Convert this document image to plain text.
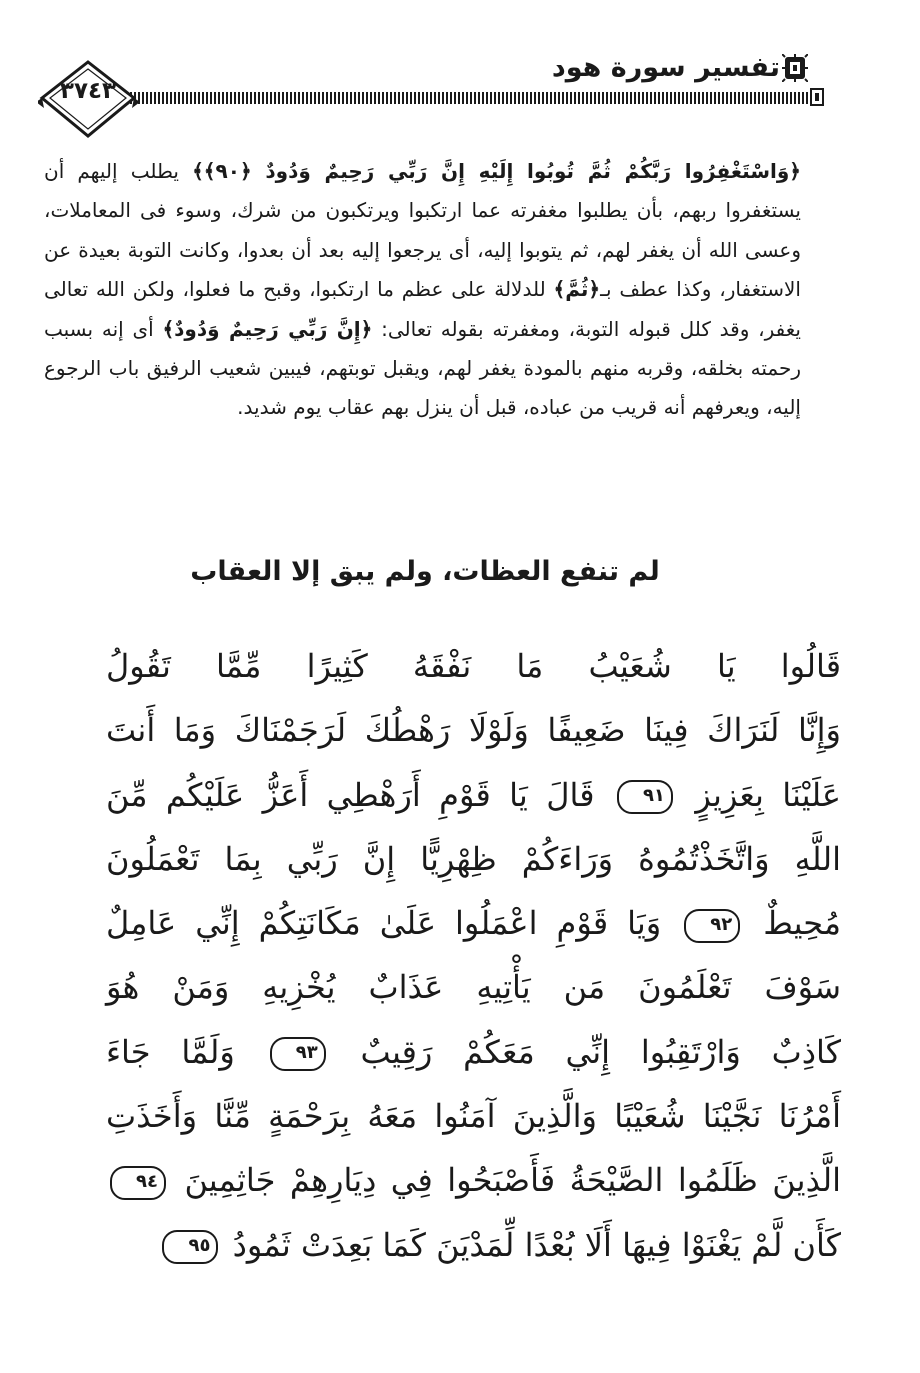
تفسير سورة هود
٣٧٤٣

﴿وَاسْتَغْفِرُوا رَبَّكُمْ ثُمَّ تُوبُوا إِلَيْهِ إِنَّ رَبِّي رَحِيمٌ وَدُودٌ ﴿٩٠﴾﴾ يطلب إليهم أن يستغفروا ربهم، بأن يطلبوا مغفرته عما ارتكبوا ويرتكبون من شرك، وسوء فى المعاملات، وعسى الله أن يغفر لهم، ثم يتوبوا إليه، أى يرجعوا إليه بعد أن بعدوا، وكانت التوبة بعيدة عن الاستغفار، وكذا عطف بـ﴿ثُمَّ﴾ للدلالة على عظم ما ارتكبوا، وقبح ما فعلوا، ولكن الله تعالى يغفر، وقد كلل قبوله التوبة، ومغفرته بقوله تعالى: ﴿إِنَّ رَبِّي رَحِيمٌ وَدُودٌ﴾ أى إنه بسبب رحمته بخلقه، وقربه منهم بالمودة يغفر لهم، ويقبل توبتهم، فيبين شعيب الرفيق باب الرجوع إليه، ويعرفهم أنه قريب من عباده، قبل أن ينزل بهم عقاب يوم شديد.

لم تنفع العظات، ولم يبق إلا العقاب
قَالُوا يَا شُعَيْبُ مَا نَفْقَهُ كَثِيرًا مِّمَّا تَقُولُ
وَإِنَّا لَنَرَاكَ فِينَا ضَعِيفًا وَلَوْلَا رَهْطُكَ لَرَجَمْنَاكَ وَمَا أَنتَ
عَلَيْنَا بِعَزِيزٍ ٩١ قَالَ يَا قَوْمِ أَرَهْطِي أَعَزُّ عَلَيْكُم مِّنَ
اللَّهِ وَاتَّخَذْتُمُوهُ وَرَاءَكُمْ ظِهْرِيًّا إِنَّ رَبِّي بِمَا تَعْمَلُونَ
مُحِيطٌ ٩٢ وَيَا قَوْمِ اعْمَلُوا عَلَىٰ مَكَانَتِكُمْ إِنِّي عَامِلٌ
سَوْفَ تَعْلَمُونَ مَن يَأْتِيهِ عَذَابٌ يُخْزِيهِ وَمَنْ هُوَ
كَاذِبٌ وَارْتَقِبُوا إِنِّي مَعَكُمْ رَقِيبٌ ٩٣ وَلَمَّا جَاءَ
أَمْرُنَا نَجَّيْنَا شُعَيْبًا وَالَّذِينَ آمَنُوا مَعَهُ بِرَحْمَةٍ مِّنَّا وَأَخَذَتِ
الَّذِينَ ظَلَمُوا الصَّيْحَةُ فَأَصْبَحُوا فِي دِيَارِهِمْ جَاثِمِينَ ٩٤
كَأَن لَّمْ يَغْنَوْا فِيهَا أَلَا بُعْدًا لِّمَدْيَنَ كَمَا بَعِدَتْ ثَمُودُ ٩٥
